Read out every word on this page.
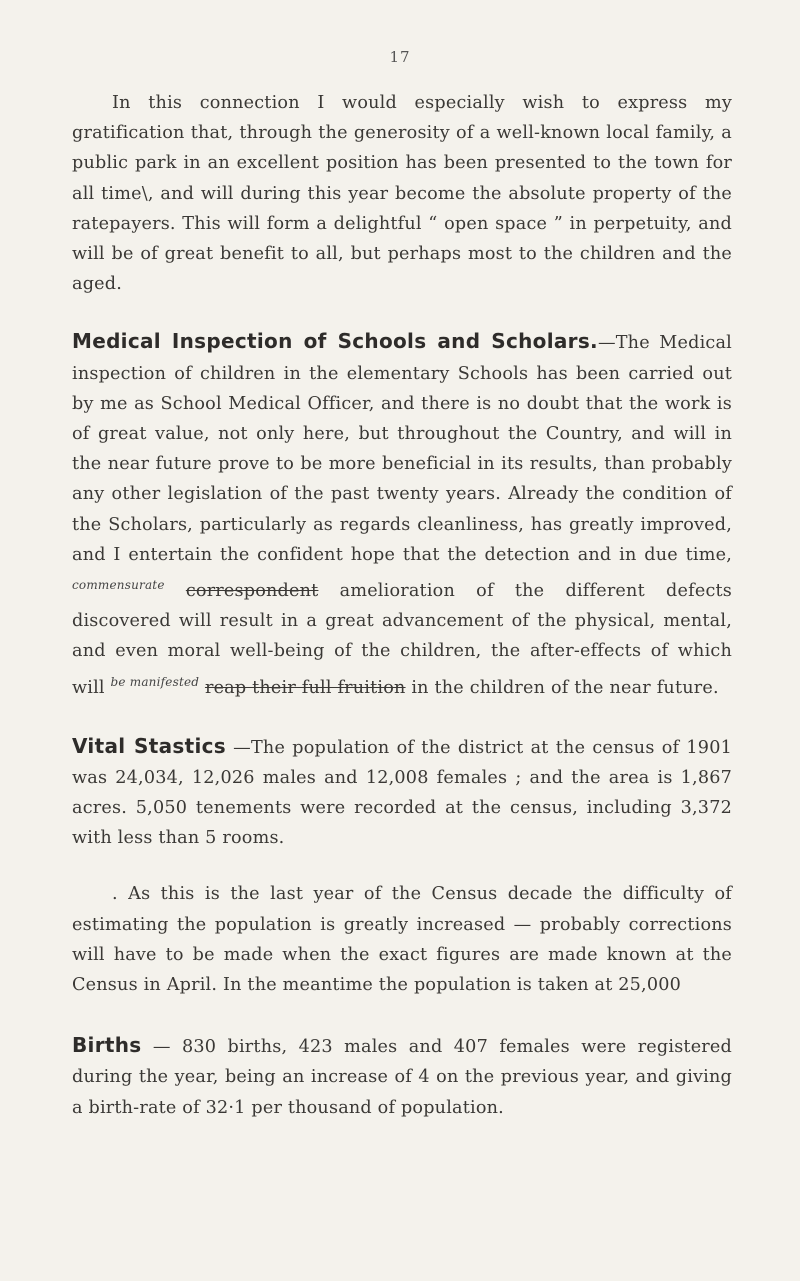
17

In this connection I would especially wish to express my gratification that, through the generosity of a well-known local family, a public park in an excellent position has been presented to the town for all time\, and will during this year become the absolute property of the ratepayers. This will form a delightful “ open space ” in perpetuity, and will be of great benefit to all, but perhaps most to the children and the aged.

Medical Inspection of Schools and Scholars.—The Medical inspection of children in the elementary Schools has been carried out by me as School Medical Officer, and there is no doubt that the work is of great value, not only here, but throughout the Country, and will in the near future prove to be more beneficial in its results, than probably any other legislation of the past twenty years. Already the condition of the Scholars, particularly as regards cleanliness, has greatly improved, and I entertain the confident hope that the detection and in due time, $^{commensurate}$ correspondent amelioration of the different defects discovered will result in a great advancement of the physical, mental, and even moral well-being of the children, the after-effects of which will $^{be manifested}$ reap their full fruition in the children of the near future.

Vital Stastics —The population of the district at the census of 1901 was 24,034, 12,026 males and 12,008 females ; and the area is 1,867 acres. 5,050 tenements were recorded at the census, including 3,372 with less than 5 rooms.

. As this is the last year of the Census decade the difficulty of estimating the population is greatly increased — probably corrections will have to be made when the exact figures are made known at the Census in April. In the meantime the population is taken at 25,000

Births — 830 births, 423 males and 407 females were registered during the year, being an increase of 4 on the previous year, and giving a birth-rate of 32·1 per thousand of population.
